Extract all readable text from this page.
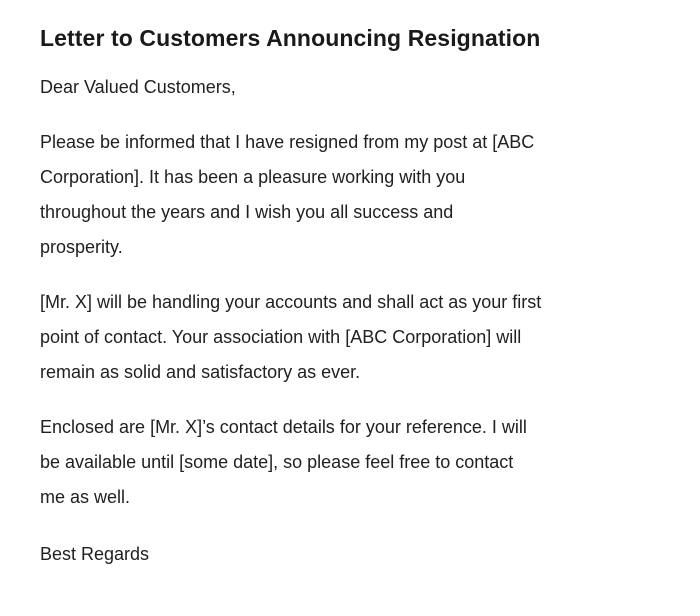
Letter to Customers Announcing Resignation

Dear Valued Customers,

Please be informed that I have resigned from my post at [ABC
Corporation]. It has been a pleasure working with you
throughout the years and I wish you all success and
prosperity.
[Mr. X] will be handling your accounts and shall act as your first
point of contact. Your association with [ABC Corporation] will
remain as solid and satisfactory as ever.
Enclosed are [Mr. X]’s contact details for your reference. I will
be available until [some date], so please feel free to contact
me as well.

Best Regards
